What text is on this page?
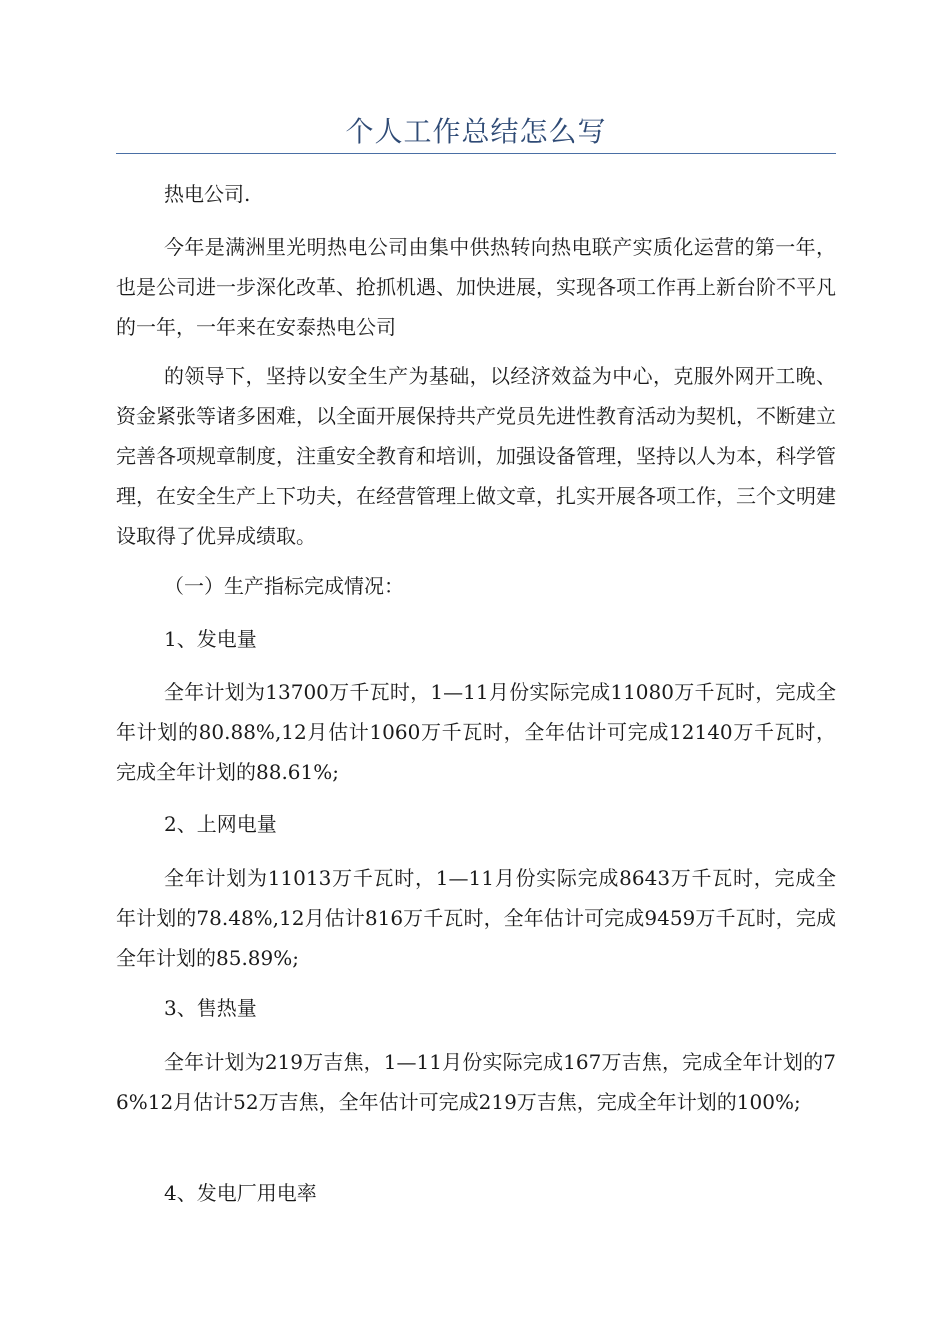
个人工作总结怎么写

热电公司.

今年是满洲里光明热电公司由集中供热转向热电联产实质化运营的第一年，也是公司进一步深化改革、抢抓机遇、加快进展，实现各项工作再上新台阶不平凡的一年，一年来在安泰热电公司

的领导下，坚持以安全生产为基础，以经济效益为中心，克服外网开工晚、资金紧张等诸多困难，以全面开展保持共产党员先进性教育活动为契机，不断建立完善各项规章制度，注重安全教育和培训，加强设备管理，坚持以人为本，科学管理，在安全生产上下功夫，在经营管理上做文章，扎实开展各项工作，三个文明建设取得了优异成绩取。

（一）生产指标完成情况：

1、发电量

全年计划为13700万千瓦时，1—11月份实际完成11080万千瓦时，完成全年计划的80.88%,12月估计1060万千瓦时，全年估计可完成12140万千瓦时，完成全年计划的88.61%;

2、上网电量

全年计划为11013万千瓦时，1—11月份实际完成8643万千瓦时，完成全年计划的78.48%,12月估计816万千瓦时，全年估计可完成9459万千瓦时，完成全年计划的85.89%;

3、售热量

全年计划为219万吉焦，1—11月份实际完成167万吉焦，完成全年计划的76%12月估计52万吉焦，全年估计可完成219万吉焦，完成全年计划的100%;

4、发电厂用电率
